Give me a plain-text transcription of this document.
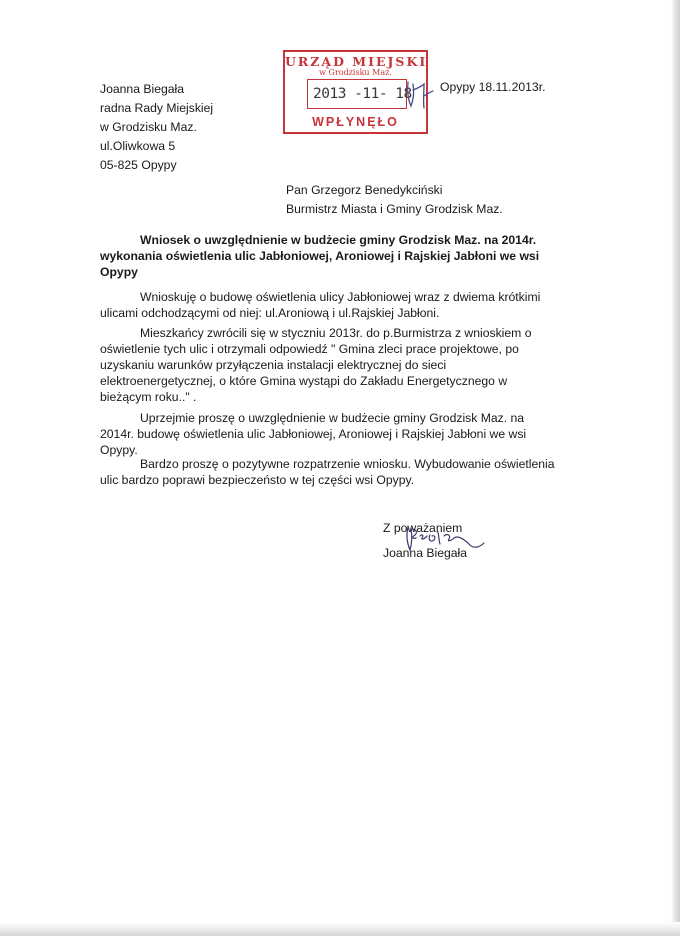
Joanna Biegała
radna Rady Miejskiej
w Grodzisku Maz.
ul.Oliwkowa 5
05-825 Opypy
URZĄD MIEJSKI
w Grodzisku Maz.
2013 -11- 18
WPŁYNĘŁO
Opypy 18.11.2013r.
Pan Grzegorz Benedykciński
Burmistrz Miasta i Gminy Grodzisk Maz.
Wniosek o uwzględnienie w budżecie gminy Grodzisk Maz. na 2014r.
wykonania oświetlenia ulic Jabłoniowej, Aroniowej i Rajskiej Jabłoni we wsi
Opypy
Wnioskuję o budowę oświetlenia ulicy Jabłoniowej wraz z dwiema krótkimi
ulicami odchodzącymi od niej: ul.Aroniową i ul.Rajskiej Jabłoni.
Mieszkańcy zwrócili się w styczniu 2013r. do p.Burmistrza z wnioskiem o
oświetlenie tych ulic i otrzymali odpowiedź " Gmina zleci prace projektowe, po
uzyskaniu warunków przyłączenia instalacji elektrycznej do sieci
elektroenergetycznej, o które Gmina wystąpi do Zakładu Energetycznego w
bieżącym roku.." .
Uprzejmie proszę o uwzględnienie w budżecie gminy Grodzisk Maz. na
2014r. budowę oświetlenia ulic Jabłoniowej, Aroniowej i Rajskiej Jabłoni we wsi
Opypy.
Bardzo proszę o pozytywne rozpatrzenie wniosku. Wybudowanie oświetlenia
ulic bardzo poprawi bezpieczeństo w tej części wsi Opypy.
Z poważaniem
Joanna Biegała
